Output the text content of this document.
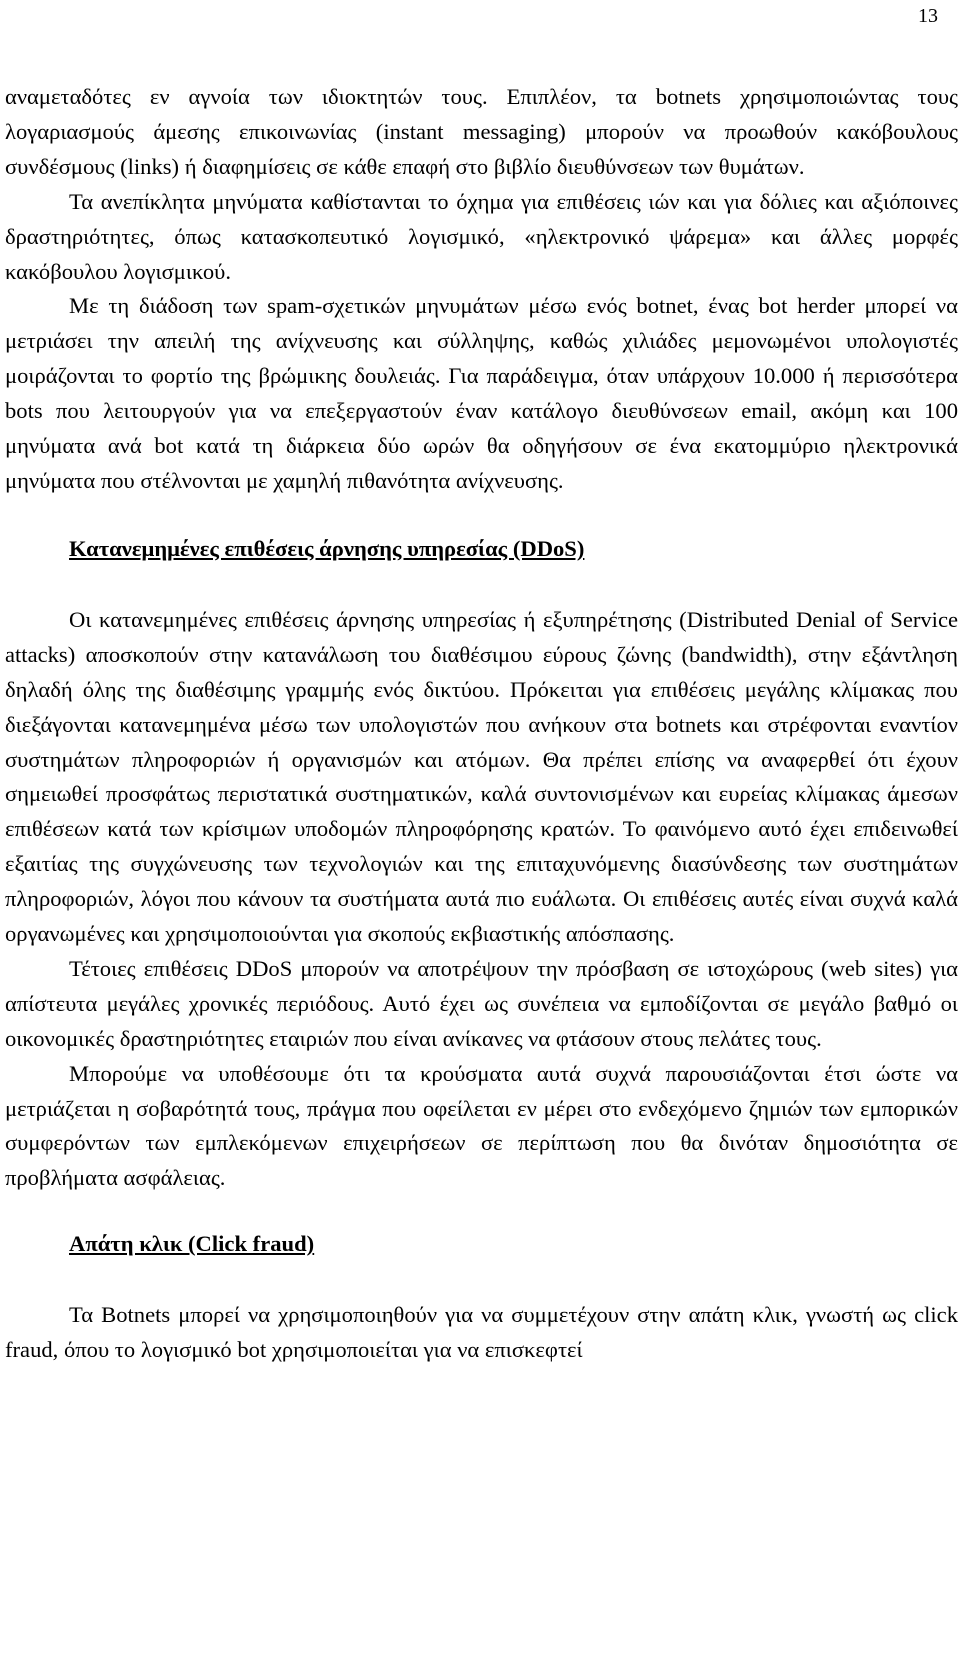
13

αναμεταδότες εν αγνοία των ιδιοκτητών τους. Επιπλέον, τα botnets χρησιμοποιώντας τους λογαριασμούς άμεσης επικοινωνίας (instant messaging) μπορούν να προωθούν κακόβουλους συνδέσμους (links) ή διαφημίσεις σε κάθε επαφή στο βιβλίο διευθύνσεων των θυμάτων.

Τα ανεπίκλητα μηνύματα καθίστανται το όχημα για επιθέσεις ιών και για δόλιες και αξιόποινες δραστηριότητες, όπως κατασκοπευτικό λογισμικό, «ηλεκτρονικό ψάρεμα» και άλλες μορφές κακόβουλου λογισμικού.

Με τη διάδοση των spam-σχετικών μηνυμάτων μέσω ενός botnet, ένας bot herder μπορεί να μετριάσει την απειλή της ανίχνευσης και σύλληψης, καθώς χιλιάδες μεμονωμένοι υπολογιστές μοιράζονται το φορτίο της βρώμικης δουλειάς. Για παράδειγμα, όταν υπάρχουν 10.000 ή περισσότερα bots που λειτουργούν για να επεξεργαστούν έναν κατάλογο διευθύνσεων email, ακόμη και 100 μηνύματα ανά bot κατά τη διάρκεια δύο ωρών θα οδηγήσουν σε ένα εκατομμύριο ηλεκτρονικά μηνύματα που στέλνονται με χαμηλή πιθανότητα ανίχνευσης.

Κατανεμημένες επιθέσεις άρνησης υπηρεσίας (DDoS)

Οι κατανεμημένες επιθέσεις άρνησης υπηρεσίας ή εξυπηρέτησης (Distributed Denial of Service attacks) αποσκοπούν στην κατανάλωση του διαθέσιμου εύρους ζώνης (bandwidth), στην εξάντληση δηλαδή όλης της διαθέσιμης γραμμής ενός δικτύου. Πρόκειται για επιθέσεις μεγάλης κλίμακας που διεξάγονται κατανεμημένα μέσω των υπολογιστών που ανήκουν στα botnets και στρέφονται εναντίον συστημάτων πληροφοριών ή οργανισμών και ατόμων. Θα πρέπει επίσης να αναφερθεί ότι έχουν σημειωθεί προσφάτως περιστατικά συστηματικών, καλά συντονισμένων και ευρείας κλίμακας άμεσων επιθέσεων κατά των κρίσιμων υποδομών πληροφόρησης κρατών. Το φαινόμενο αυτό έχει επιδεινωθεί εξαιτίας της συγχώνευσης των τεχνολογιών και της επιταχυνόμενης διασύνδεσης των συστημάτων πληροφοριών, λόγοι που κάνουν τα συστήματα αυτά πιο ευάλωτα. Οι επιθέσεις αυτές είναι συχνά καλά οργανωμένες και χρησιμοποιούνται για σκοπούς εκβιαστικής απόσπασης.

Τέτοιες επιθέσεις DDoS μπορούν να αποτρέψουν την πρόσβαση σε ιστοχώρους (web sites) για απίστευτα μεγάλες χρονικές περιόδους. Αυτό έχει ως συνέπεια να εμποδίζονται σε μεγάλο βαθμό οι οικονομικές δραστηριότητες εταιριών που είναι ανίκανες να φτάσουν στους πελάτες τους.

Μπορούμε να υποθέσουμε ότι τα κρούσματα αυτά συχνά παρουσιάζονται έτσι ώστε να μετριάζεται η σοβαρότητά τους, πράγμα που οφείλεται εν μέρει στο ενδεχόμενο ζημιών των εμπορικών συμφερόντων των εμπλεκόμενων επιχειρήσεων σε περίπτωση που θα δινόταν δημοσιότητα σε προβλήματα ασφάλειας.

Απάτη κλικ (Click fraud)

Τα Botnets μπορεί να χρησιμοποιηθούν για να συμμετέχουν στην απάτη κλικ, γνωστή ως click fraud, όπου το λογισμικό bot χρησιμοποιείται για να επισκεφτεί
